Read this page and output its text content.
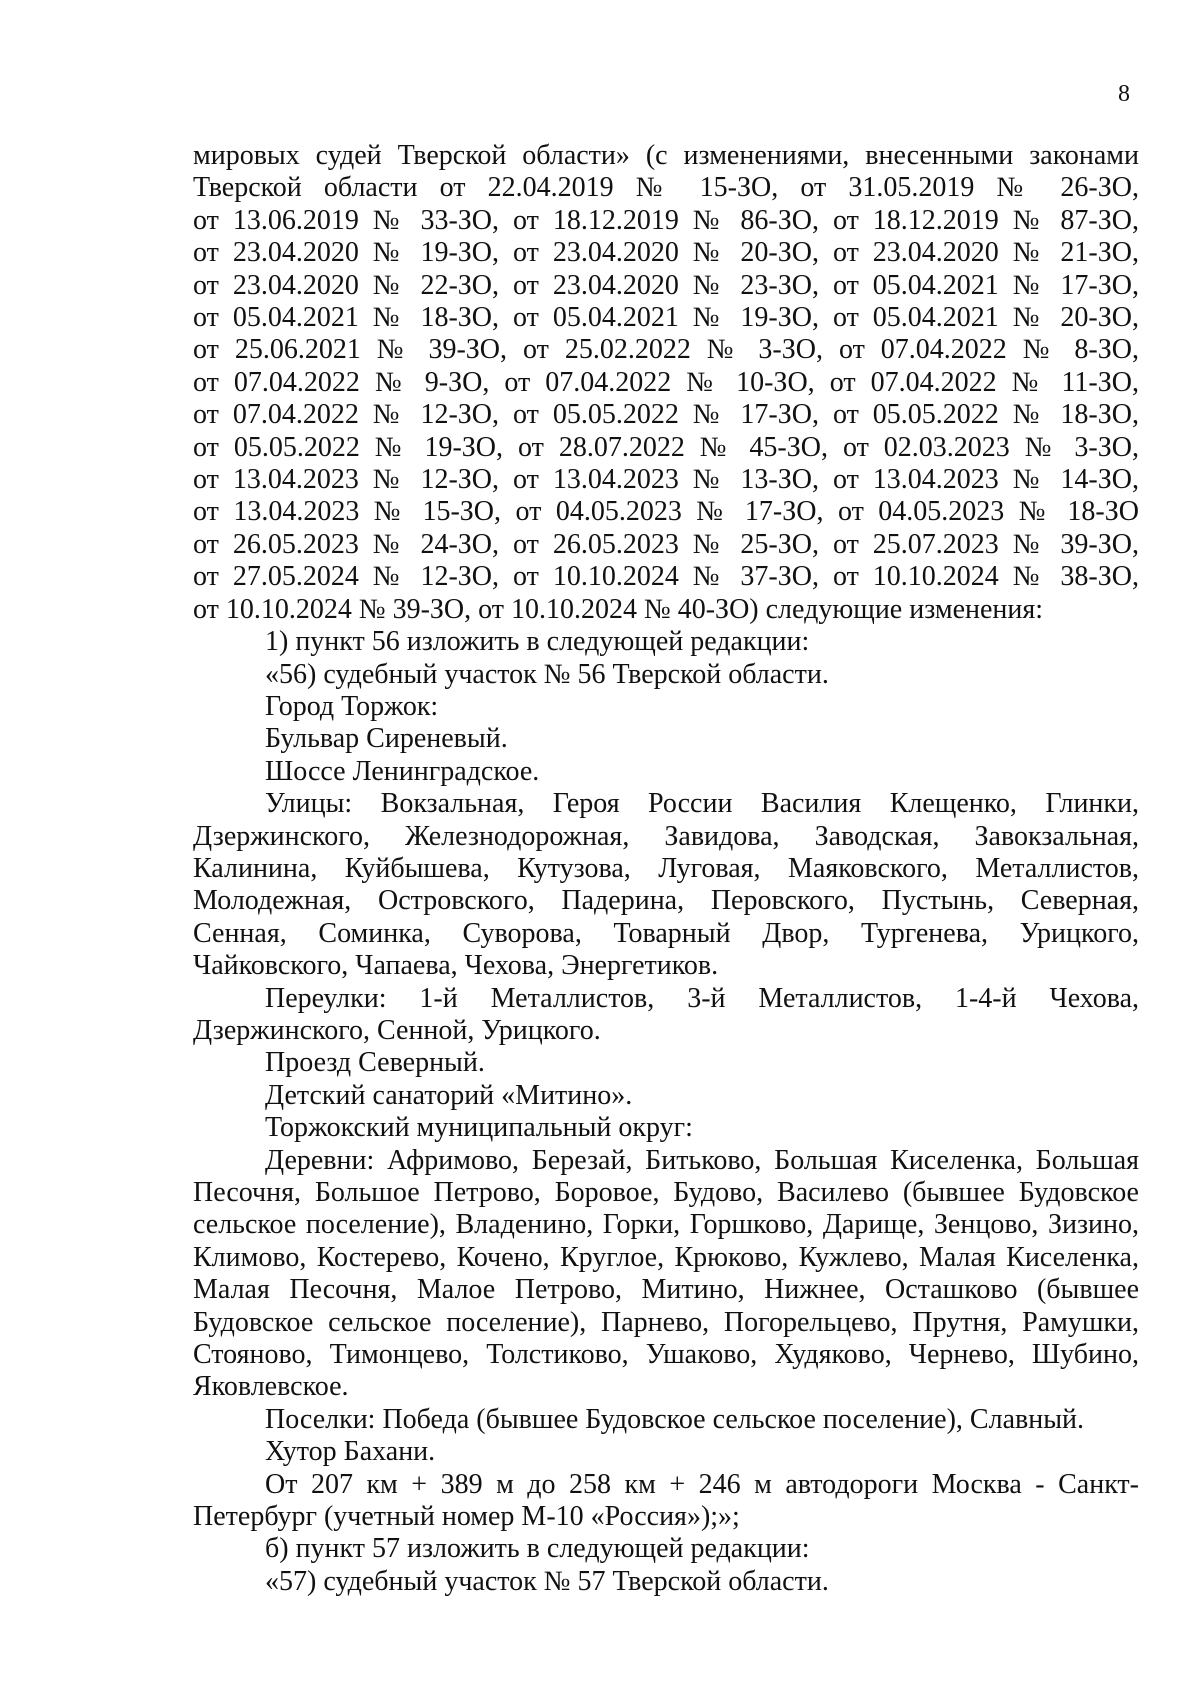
8
мировых судей Тверской области» (с изменениями, внесенными законами
Тверской области от 22.04.2019 № 15-ЗО, от 31.05.2019 № 26-ЗО,
от 13.06.2019 № 33-ЗО, от 18.12.2019 № 86-ЗО, от 18.12.2019 № 87-ЗО,
от 23.04.2020 № 19-ЗО, от 23.04.2020 № 20-ЗО, от 23.04.2020 № 21-ЗО,
от 23.04.2020 № 22-ЗО, от 23.04.2020 № 23-ЗО, от 05.04.2021 № 17-ЗО,
от 05.04.2021 № 18-ЗО, от 05.04.2021 № 19-ЗО, от 05.04.2021 № 20-ЗО,
от 25.06.2021 № 39-ЗО, от 25.02.2022 № 3-ЗО, от 07.04.2022 № 8-ЗО,
от 07.04.2022 № 9-ЗО, от 07.04.2022 № 10-ЗО, от 07.04.2022 № 11-ЗО,
от 07.04.2022 № 12-ЗО, от 05.05.2022 № 17-ЗО, от 05.05.2022 № 18-ЗО,
от 05.05.2022 № 19-ЗО, от 28.07.2022 № 45-ЗО, от 02.03.2023 № 3-ЗО,
от 13.04.2023 № 12-ЗО, от 13.04.2023 № 13-ЗО, от 13.04.2023 № 14-ЗО,
от 13.04.2023 № 15-ЗО, от 04.05.2023 № 17-ЗО, от 04.05.2023 № 18-ЗО
от 26.05.2023 № 24-ЗО, от 26.05.2023 № 25-ЗО, от 25.07.2023 № 39-ЗО,
от 27.05.2024 № 12-ЗО, от 10.10.2024 № 37-ЗО, от 10.10.2024 № 38-ЗО,
от 10.10.2024 № 39-ЗО, от 10.10.2024 № 40-ЗО) следующие изменения:
1) пункт 56 изложить в следующей редакции:
«56) судебный участок № 56 Тверской области.
Город Торжок:
Бульвар Сиреневый.
Шоссе Ленинградское.
Улицы: Вокзальная, Героя России Василия Клещенко, Глинки,
Дзержинского, Железнодорожная, Завидова, Заводская, Завокзальная,
Калинина, Куйбышева, Кутузова, Луговая, Маяковского, Металлистов,
Молодежная, Островского, Падерина, Перовского, Пустынь, Северная,
Сенная, Соминка, Суворова, Товарный Двор, Тургенева, Урицкого,
Чайковского, Чапаева, Чехова, Энергетиков.
Переулки: 1-й Металлистов, 3-й Металлистов, 1-4-й Чехова,
Дзержинского, Сенной, Урицкого.
Проезд Северный.
Детский санаторий «Митино».
Торжокский муниципальный округ:
Деревни: Афримово, Березай, Битьково, Большая Киселенка, Большая
Песочня, Большое Петрово, Боровое, Будово, Василево (бывшее Будовское
сельское поселение), Владенино, Горки, Горшково, Дарище, Зенцово, Зизино,
Климово, Костерево, Кочено, Круглое, Крюково, Кужлево, Малая Киселенка,
Малая Песочня, Малое Петрово, Митино, Нижнее, Осташково (бывшее
Будовское сельское поселение), Парнево, Погорельцево, Прутня, Рамушки,
Стояново, Тимонцево, Толстиково, Ушаково, Худяково, Чернево, Шубино,
Яковлевское.
Поселки: Победа (бывшее Будовское сельское поселение), Славный.
Хутор Бахани.
От 207 км + 389 м до 258 км + 246 м автодороги Москва - Санкт-
Петербург (учетный номер М-10 «Россия»);»;
б) пункт 57 изложить в следующей редакции:
«57) судебный участок № 57 Тверской области.
